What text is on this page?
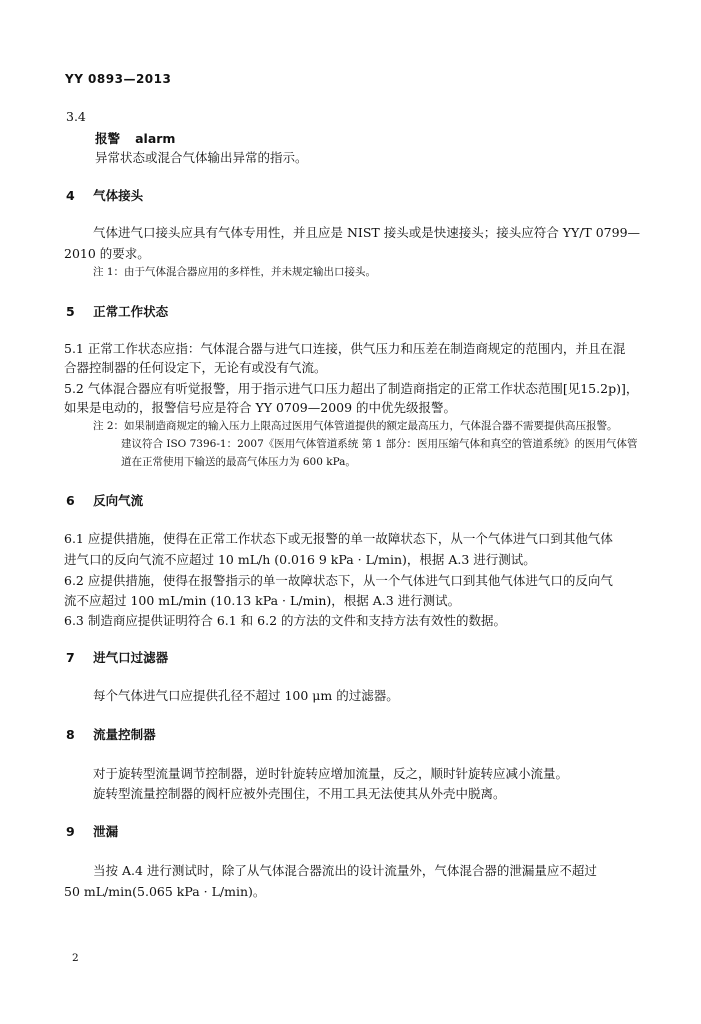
YY 0893—2013
3.4
报警 alarm
异常状态或混合气体输出异常的指示。
4 气体接头
气体进气口接头应具有气体专用性，并且应是 NIST 接头或是快速接头；接头应符合 YY/T 0799—
2010 的要求。
注 1：由于气体混合器应用的多样性，并未规定输出口接头。
5 正常工作状态
5.1 正常工作状态应指：气体混合器与进气口连接，供气压力和压差在制造商规定的范围内，并且在混
合器控制器的任何设定下，无论有或没有气流。
5.2 气体混合器应有听觉报警，用于指示进气口压力超出了制造商指定的正常工作状态范围[见15.2p)]，
如果是电动的，报警信号应是符合 YY 0709—2009 的中优先级报警。
注 2：如果制造商规定的输入压力上限高过医用气体管道提供的额定最高压力，气体混合器不需要提供高压报警。
建议符合 ISO 7396-1：2007《医用气体管道系统 第 1 部分：医用压缩气体和真空的管道系统》的医用气体管
道在正常使用下输送的最高气体压力为 600 kPa。
6 反向气流
6.1 应提供措施，使得在正常工作状态下或无报警的单一故障状态下，从一个气体进气口到其他气体
进气口的反向气流不应超过 10 mL/h (0.016 9 kPa · L/min)，根据 A.3 进行测试。
6.2 应提供措施，使得在报警指示的单一故障状态下，从一个气体进气口到其他气体进气口的反向气
流不应超过 100 mL/min (10.13 kPa · L/min)，根据 A.3 进行测试。
6.3 制造商应提供证明符合 6.1 和 6.2 的方法的文件和支持方法有效性的数据。
7 进气口过滤器
每个气体进气口应提供孔径不超过 100 μm 的过滤器。
8 流量控制器
对于旋转型流量调节控制器，逆时针旋转应增加流量，反之，顺时针旋转应减小流量。
旋转型流量控制器的阀杆应被外壳围住，不用工具无法使其从外壳中脱离。
9 泄漏
当按 A.4 进行测试时，除了从气体混合器流出的设计流量外，气体混合器的泄漏量应不超过
50 mL/min(5.065 kPa · L/min)。
2
